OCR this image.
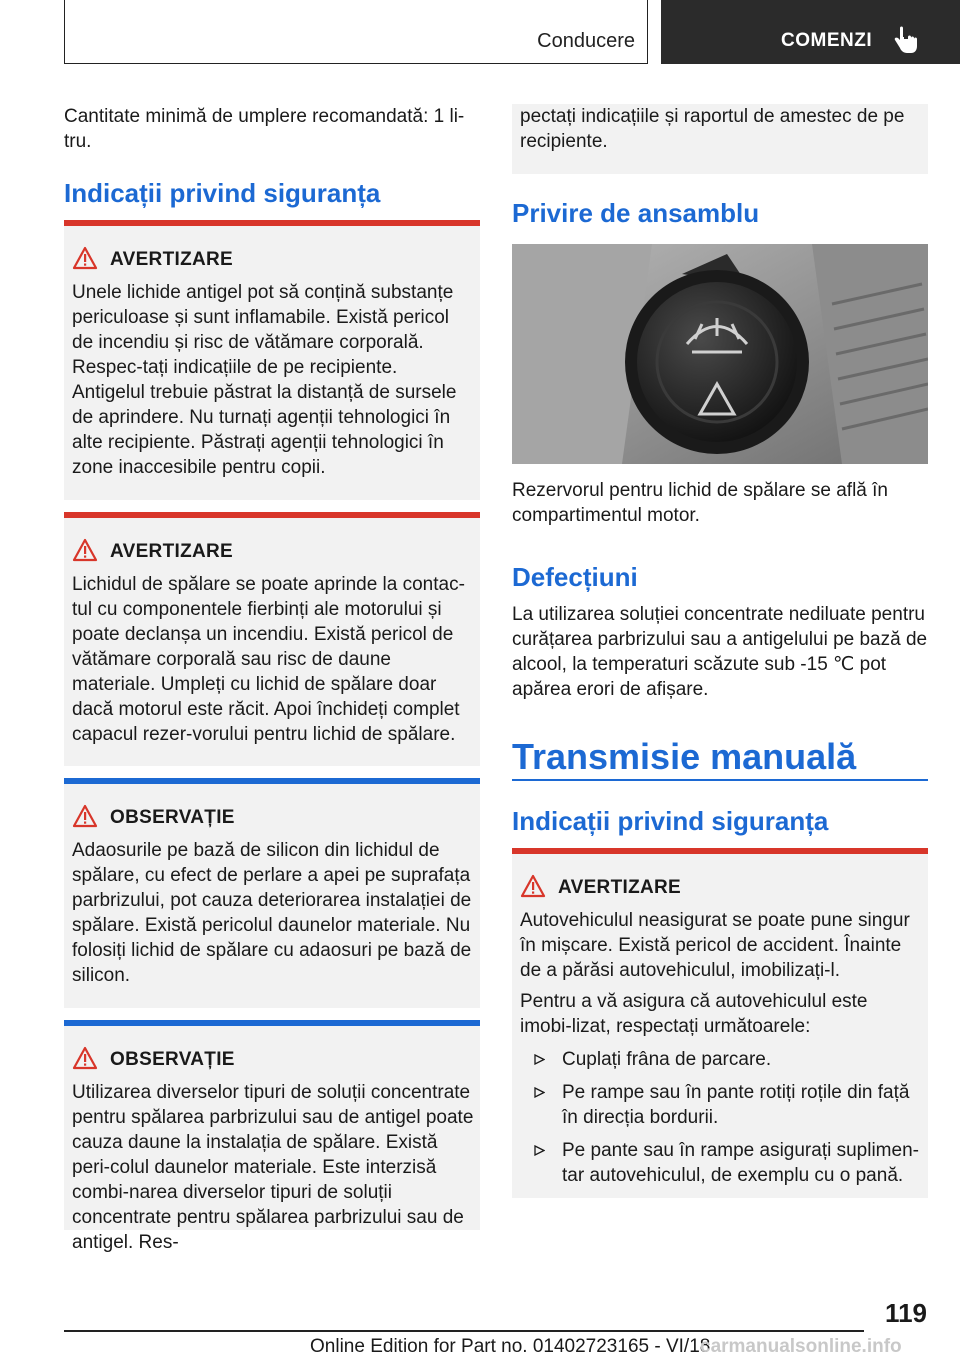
Conducere	COMENZI
Cantitate minimă de umplere recomandată: 1 li-tru.
Indicații privind siguranța
AVERTIZARE
Unele lichide antigel pot să conțină substanțe periculoase și sunt inflamabile. Există pericol de incendiu și risc de vătămare corporală. Respec-tați indicațiile de pe recipiente. Antigelul trebuie păstrat la distanță de sursele de aprindere. Nu turnați agenții tehnologici în alte recipiente. Păstrați agenții tehnologici în zone inaccesibile pentru copii.
AVERTIZARE
Lichidul de spălare se poate aprinde la contac-tul cu componentele fierbinți ale motorului și poate declanșa un incendiu. Există pericol de vătămare corporală sau risc de daune materiale. Umpleți cu lichid de spălare doar dacă motorul este răcit. Apoi închideți complet capacul rezer-vorului pentru lichid de spălare.
OBSERVAȚIE
Adaosurile pe bază de silicon din lichidul de spălare, cu efect de perlare a apei pe suprafața parbrizului, pot cauza deteriorarea instalației de spălare. Există pericolul daunelor materiale. Nu folosiți lichid de spălare cu adaosuri pe bază de silicon.
OBSERVAȚIE
Utilizarea diverselor tipuri de soluții concentrate pentru spălarea parbrizului sau de antigel poate cauza daune la instalația de spălare. Există peri-colul daunelor materiale. Este interzisă combi-narea diverselor tipuri de soluții concentrate pentru spălarea parbrizului sau de antigel. Res-
pectați indicațiile și raportul de amestec de pe recipiente.
Privire de ansamblu
Rezervorul pentru lichid de spălare se află în compartimentul motor.
Defecțiuni
La utilizarea soluției concentrate nediluate pentru curățarea parbrizului sau a antigelului pe bază de alcool, la temperaturi scăzute sub -15 ℃ pot apărea erori de afișare.
Transmisie manuală
Indicații privind siguranța
AVERTIZARE

Autovehiculul neasigurat se poate pune singur în mișcare. Există pericol de accident. Înainte de a părăsi autovehiculul, imobilizați-l.

Pentru a vă asigura că autovehiculul este imobi-lizat, respectați următoarele:

Cuplați frâna de parcare.
Pe rampe sau în pante rotiți roțile din față în direcția bordurii.
Pe pante sau în rampe asigurați suplimen-tar autovehiculul, de exemplu cu o pană.
119
Online Edition for Part no. 01402723165 - VI/18
carmanualsonline.info
